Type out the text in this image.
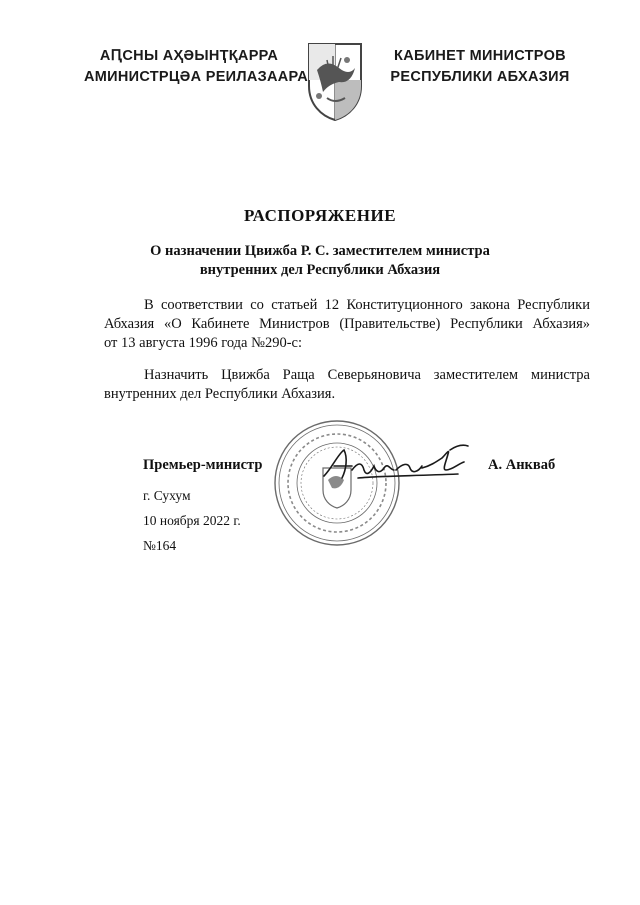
АԤСНЫ АҲӘЫНҬҚАРРА
АМИНИСТРЦӘА РЕИЛАЗААРА
КАБИНЕТ МИНИСТРОВ
РЕСПУБЛИКИ АБХАЗИЯ
РАСПОРЯЖЕНИЕ
О назначении Цвижба Р. С. заместителем министра
внутренних дел Республики Абхазия
В соответствии со статьей 12 Конституционного закона Республики
Абхазия «О Кабинете Министров (Правительстве) Республики Абхазия»
от 13 августа 1996 года №290-с:
Назначить Цвижба Раща Северьяновича заместителем министра
внутренних дел Республики Абхазия.
Премьер-министр	А. Анкваб
г. Сухум
10 ноября 2022 г.
№164
